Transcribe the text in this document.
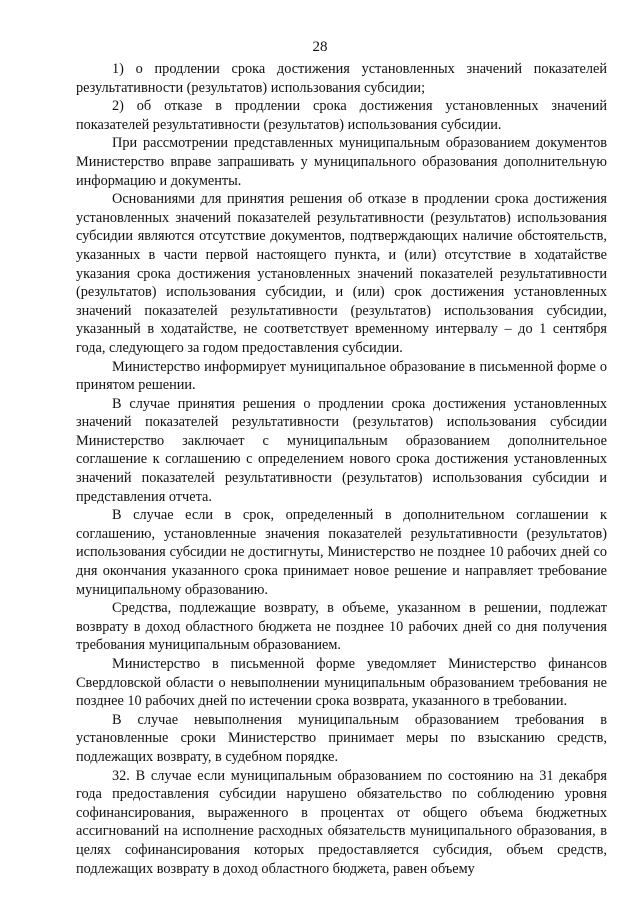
28

1) о продлении срока достижения установленных значений показателей результативности (результатов) использования субсидии;

2) об отказе в продлении срока достижения установленных значений показателей результативности (результатов) использования субсидии.

При рассмотрении представленных муниципальным образованием документов Министерство вправе запрашивать у муниципального образования дополнительную информацию и документы.

Основаниями для принятия решения об отказе в продлении срока достижения установленных значений показателей результативности (результатов) использования субсидии являются отсутствие документов, подтверждающих наличие обстоятельств, указанных в части первой настоящего пункта, и (или) отсутствие в ходатайстве указания срока достижения установленных значений показателей результативности (результатов) использования субсидии, и (или) срок достижения установленных значений показателей результативности (результатов) использования субсидии, указанный в ходатайстве, не соответствует временному интервалу – до 1 сентября года, следующего за годом предоставления субсидии.

Министерство информирует муниципальное образование в письменной форме о принятом решении.

В случае принятия решения о продлении срока достижения установленных значений показателей результативности (результатов) использования субсидии Министерство заключает с муниципальным образованием дополнительное соглашение к соглашению с определением нового срока достижения установленных значений показателей результативности (результатов) использования субсидии и представления отчета.

В случае если в срок, определенный в дополнительном соглашении к соглашению, установленные значения показателей результативности (результатов) использования субсидии не достигнуты, Министерство не позднее 10 рабочих дней со дня окончания указанного срока принимает новое решение и направляет требование муниципальному образованию.

Средства, подлежащие возврату, в объеме, указанном в решении, подлежат возврату в доход областного бюджета не позднее 10 рабочих дней со дня получения требования муниципальным образованием.

Министерство в письменной форме уведомляет Министерство финансов Свердловской области о невыполнении муниципальным образованием требования не позднее 10 рабочих дней по истечении срока возврата, указанного в требовании.

В случае невыполнения муниципальным образованием требования в установленные сроки Министерство принимает меры по взысканию средств, подлежащих возврату, в судебном порядке.

32. В случае если муниципальным образованием по состоянию на 31 декабря года предоставления субсидии нарушено обязательство по соблюдению уровня софинансирования, выраженного в процентах от общего объема бюджетных ассигнований на исполнение расходных обязательств муниципального образования, в целях софинансирования которых предоставляется субсидия, объем средств, подлежащих возврату в доход областного бюджета, равен объему
